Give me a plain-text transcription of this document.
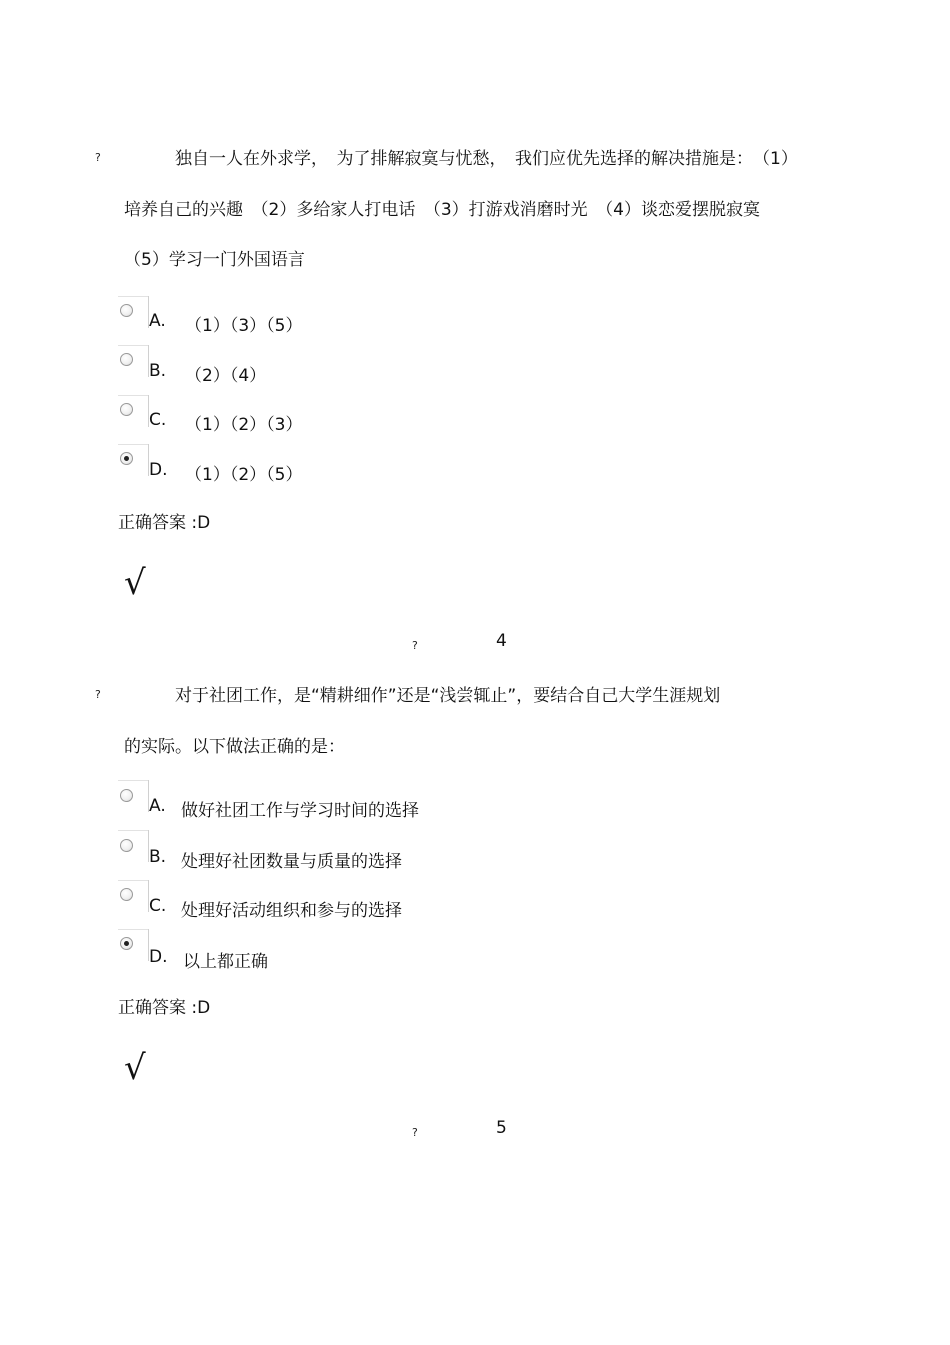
?	独自一人在外求学，　为了排解寂寞与忧愁，　我们应优先选择的解决措施是：　（1）
培养自己的兴趣　（2）多给家人打电话　（3）打游戏消磨时光　（4）谈恋爱摆脱寂寞
（5）学习一门外国语言
A. （1）（3）（5）
B. （2）（4）
C. （1）（2）（3）
D. （1）（2）（5）
正确答案 :D
√
?	4
?	对于社团工作，是“精耕细作”还是“浅尝辄止”，要结合自己大学生涯规划
的实际。以下做法正确的是：
A. 做好社团工作与学习时间的选择
B. 处理好社团数量与质量的选择
C. 处理好活动组织和参与的选择
D. 以上都正确
正确答案 :D
√
?	5
